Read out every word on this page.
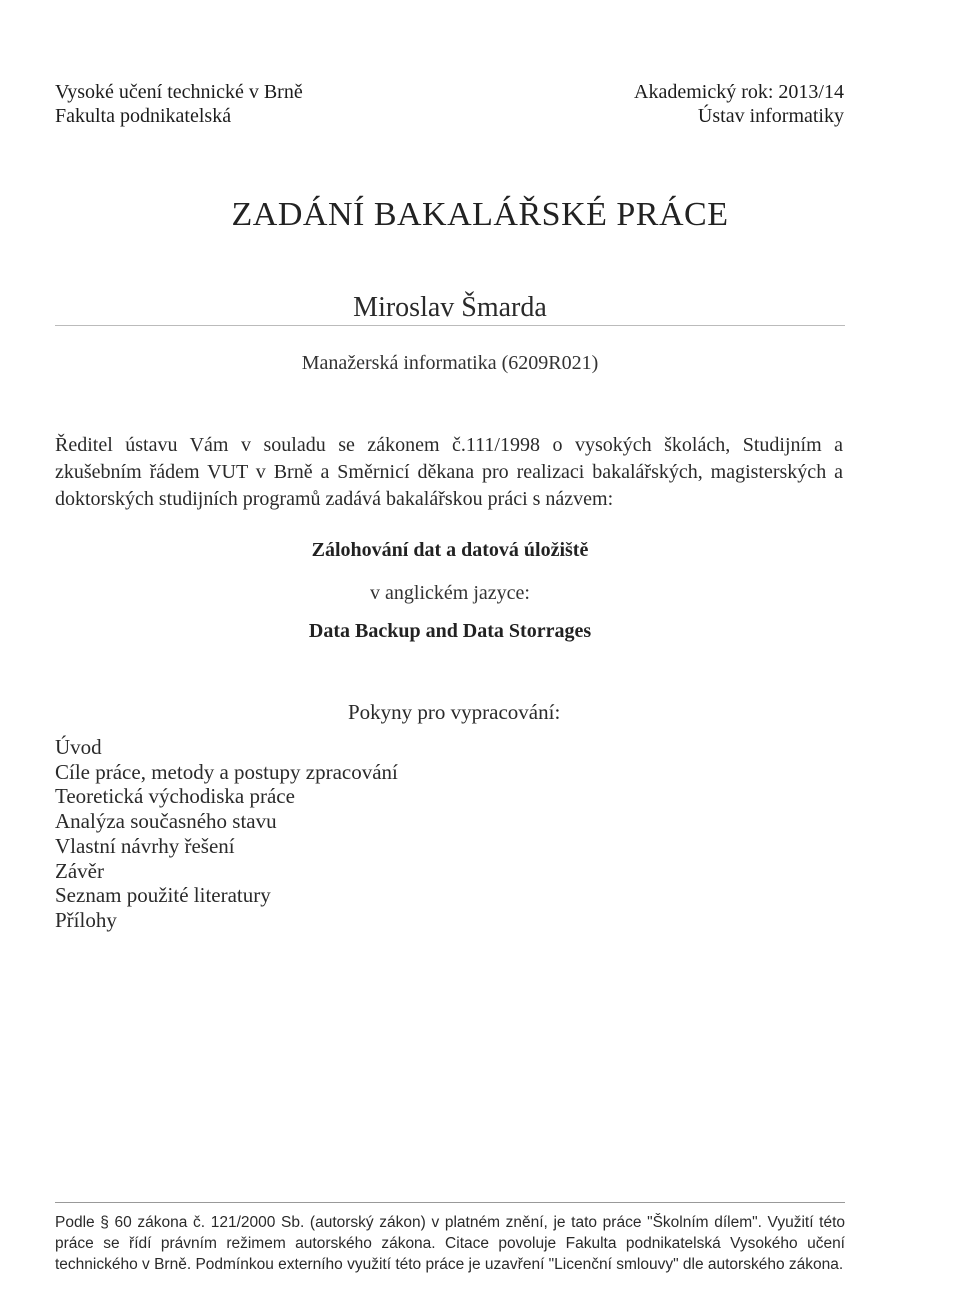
Vysoké učení technické v Brně
Fakulta podnikatelská
Akademický rok: 2013/14
Ústav informatiky
ZADÁNÍ BAKALÁŘSKÉ PRÁCE
Miroslav Šmarda
Manažerská informatika (6209R021)
Ředitel ústavu Vám v souladu se zákonem č.111/1998 o vysokých školách, Studijním a zkušebním řádem VUT v Brně a Směrnicí děkana pro realizaci bakalářských, magisterských a doktorských studijních programů zadává bakalářskou práci s názvem:
Zálohování dat a datová úložiště
v anglickém jazyce:
Data Backup and Data Storrages
Pokyny pro vypracování:
Úvod
Cíle práce, metody a postupy zpracování
Teoretická východiska práce
Analýza současného stavu
Vlastní návrhy řešení
Závěr
Seznam použité literatury
Přílohy
Podle § 60 zákona č. 121/2000 Sb. (autorský zákon) v platném znění, je tato práce "Školním dílem". Využití této práce se řídí právním režimem autorského zákona. Citace povoluje Fakulta podnikatelská Vysokého učení technického v Brně. Podmínkou externího využití této práce je uzavření "Licenční smlouvy" dle autorského zákona.
